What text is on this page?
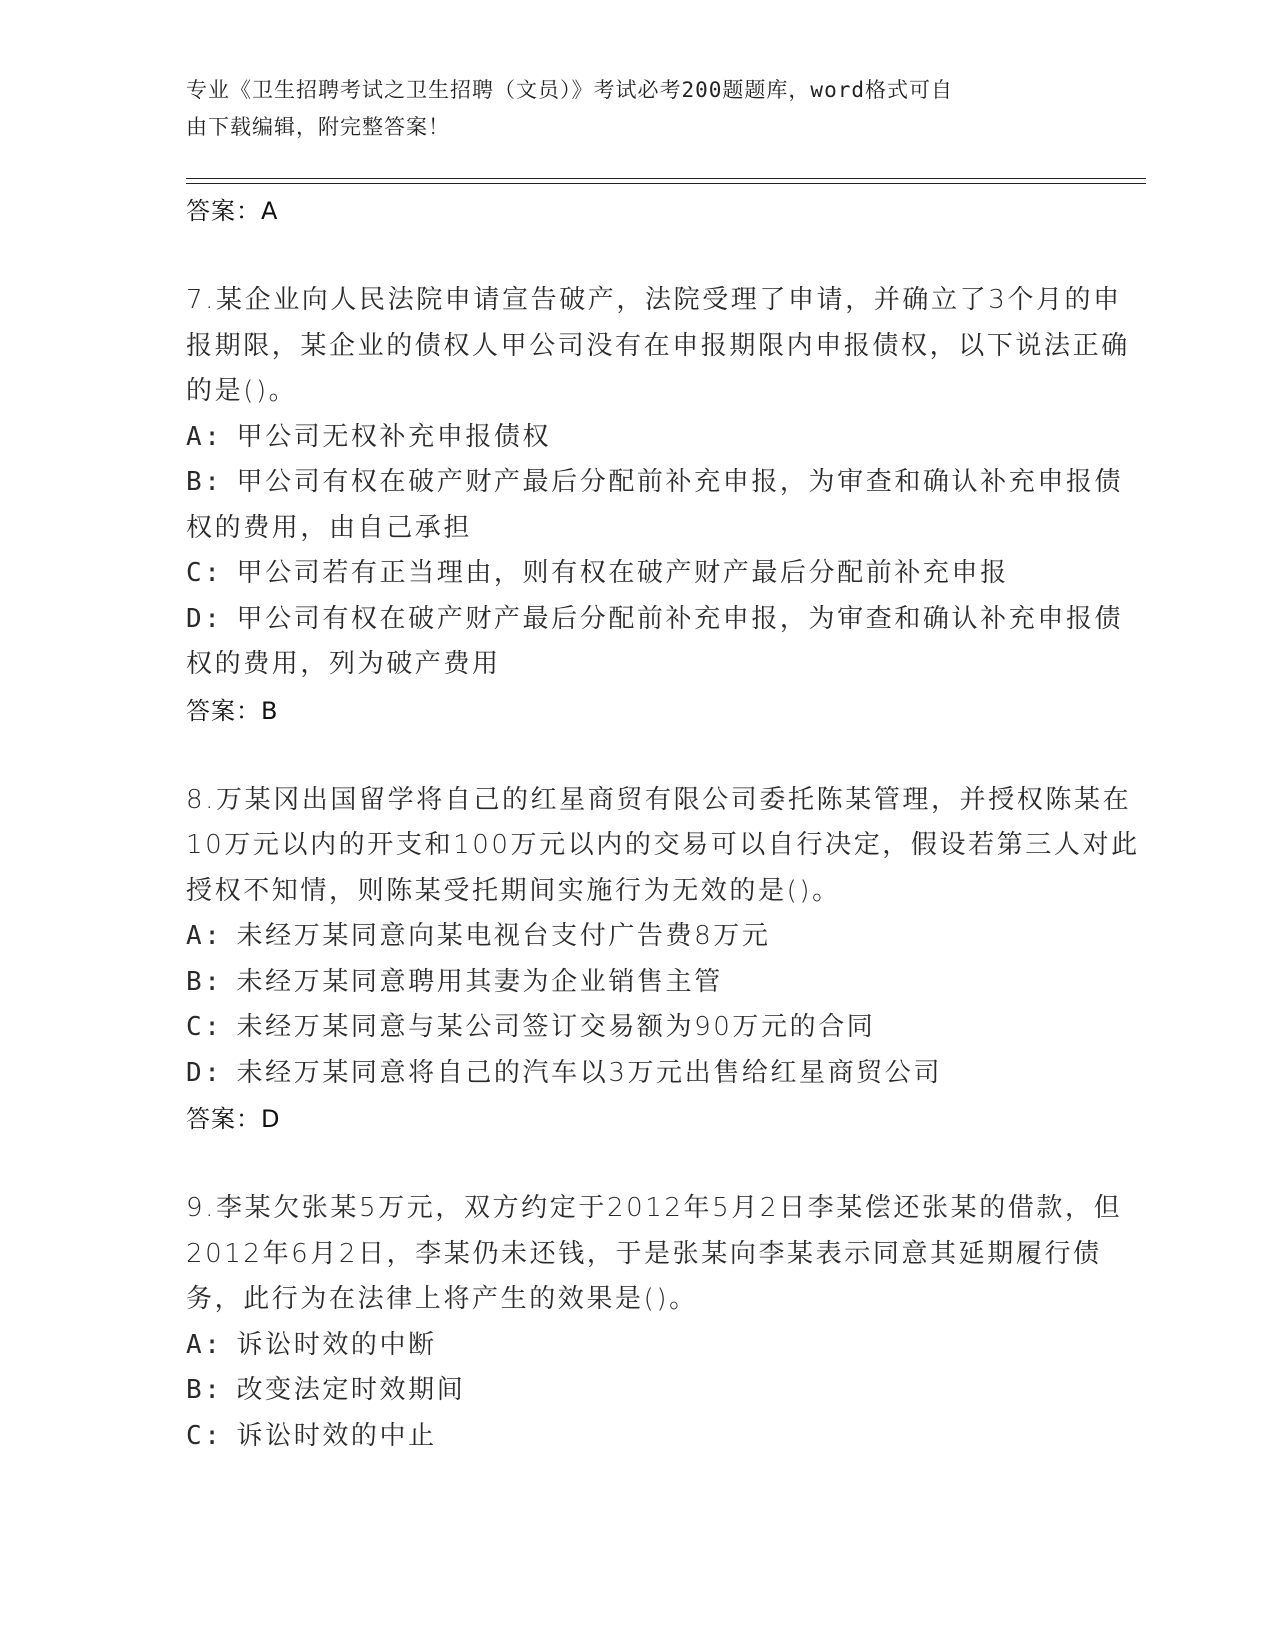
专业《卫生招聘考试之卫生招聘（文员）》考试必考200题题库，word格式可自
由下载编辑，附完整答案！
答案：A

7.某企业向人民法院申请宣告破产，法院受理了申请，并确立了3个月的申报期限，某企业的债权人甲公司没有在申报期限内申报债权，以下说法正确的是()。

A: 甲公司无权补充申报债权

B: 甲公司有权在破产财产最后分配前补充申报，为审查和确认补充申报债权的费用，由自己承担

C: 甲公司若有正当理由，则有权在破产财产最后分配前补充申报

D: 甲公司有权在破产财产最后分配前补充申报，为审查和确认补充申报债权的费用，列为破产费用

答案：B

8.万某冈出国留学将自己的红星商贸有限公司委托陈某管理，并授权陈某在10万元以内的开支和100万元以内的交易可以自行决定，假设若第三人对此授权不知情，则陈某受托期间实施行为无效的是()。

A: 未经万某同意向某电视台支付广告费8万元

B: 未经万某同意聘用其妻为企业销售主管

C: 未经万某同意与某公司签订交易额为90万元的合同

D: 未经万某同意将自己的汽车以3万元出售给红星商贸公司

答案：D

9.李某欠张某5万元，双方约定于2012年5月2日李某偿还张某的借款，但2012年6月2日，李某仍未还钱，于是张某向李某表示同意其延期履行债务，此行为在法律上将产生的效果是()。

A: 诉讼时效的中断

B: 改变法定时效期间

C: 诉讼时效的中止
